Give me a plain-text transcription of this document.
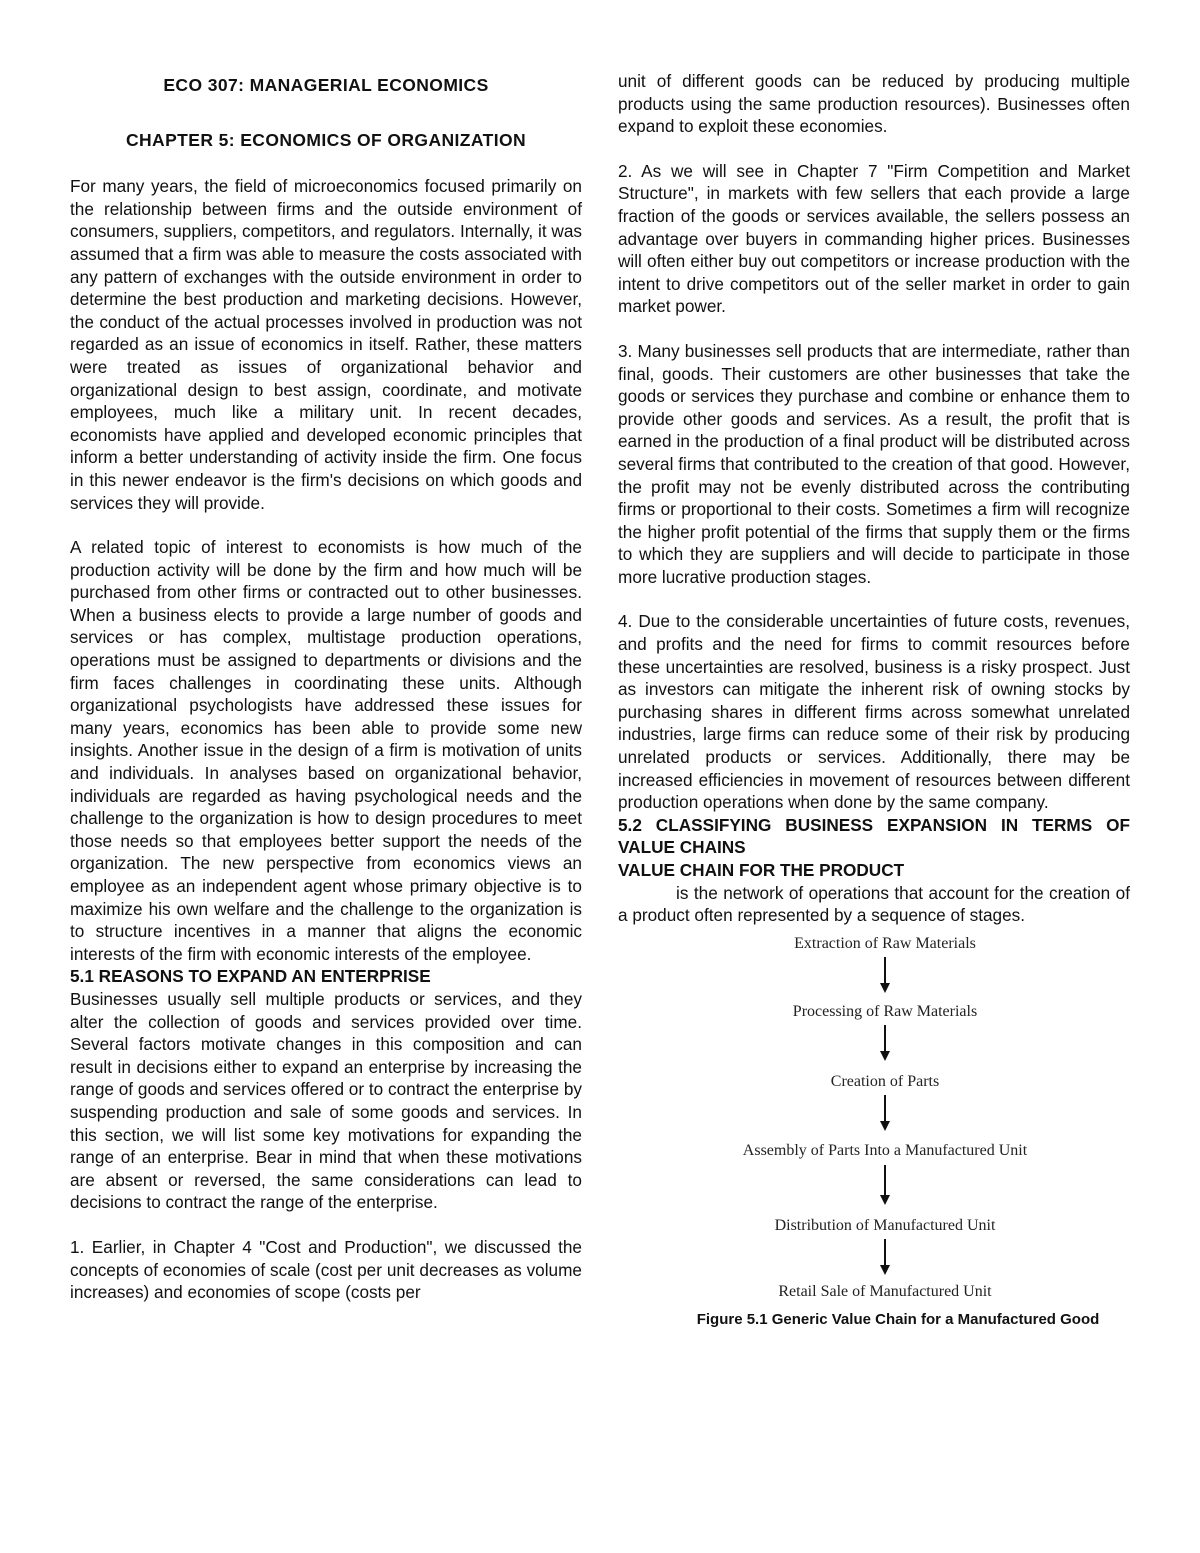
ECO 307: MANAGERIAL ECONOMICS

CHAPTER 5: ECONOMICS OF ORGANIZATION

For many years, the field of microeconomics focused primarily on the relationship between firms and the outside environment of consumers, suppliers, competitors, and regulators. Internally, it was assumed that a firm was able to measure the costs associated with any pattern of exchanges with the outside environment in order to determine the best production and marketing decisions. However, the conduct of the actual processes involved in production was not regarded as an issue of economics in itself. Rather, these matters were treated as issues of organizational behavior and organizational design to best assign, coordinate, and motivate employees, much like a military unit. In recent decades, economists have applied and developed economic principles that inform a better understanding of activity inside the firm. One focus in this newer endeavor is the firm's decisions on which goods and services they will provide.

A related topic of interest to economists is how much of the production activity will be done by the firm and how much will be purchased from other firms or contracted out to other businesses. When a business elects to provide a large number of goods and services or has complex, multistage production operations, operations must be assigned to departments or divisions and the firm faces challenges in coordinating these units. Although organizational psychologists have addressed these issues for many years, economics has been able to provide some new insights. Another issue in the design of a firm is motivation of units and individuals. In analyses based on organizational behavior, individuals are regarded as having psychological needs and the challenge to the organization is how to design procedures to meet those needs so that employees better support the needs of the organization. The new perspective from economics views an employee as an independent agent whose primary objective is to maximize his own welfare and the challenge to the organization is to structure incentives in a manner that aligns the economic interests of the firm with economic interests of the employee.

5.1 REASONS TO EXPAND AN ENTERPRISE

Businesses usually sell multiple products or services, and they alter the collection of goods and services provided over time. Several factors motivate changes in this composition and can result in decisions either to expand an enterprise by increasing the range of goods and services offered or to contract the enterprise by suspending production and sale of some goods and services. In this section, we will list some key motivations for expanding the range of an enterprise. Bear in mind that when these motivations are absent or reversed, the same considerations can lead to decisions to contract the range of the enterprise.

1. Earlier, in Chapter 4 "Cost and Production", we discussed the concepts of economies of scale (cost per unit decreases as volume increases) and economies of scope (costs per

unit of different goods can be reduced by producing multiple products using the same production resources). Businesses often expand to exploit these economies.

2. As we will see in Chapter 7 "Firm Competition and Market Structure", in markets with few sellers that each provide a large fraction of the goods or services available, the sellers possess an advantage over buyers in commanding higher prices. Businesses will often either buy out competitors or increase production with the intent to drive competitors out of the seller market in order to gain market power.

3. Many businesses sell products that are intermediate, rather than final, goods. Their customers are other businesses that take the goods or services they purchase and combine or enhance them to provide other goods and services. As a result, the profit that is earned in the production of a final product will be distributed across several firms that contributed to the creation of that good. However, the profit may not be evenly distributed across the contributing firms or proportional to their costs. Sometimes a firm will recognize the higher profit potential of the firms that supply them or the firms to which they are suppliers and will decide to participate in those more lucrative production stages.

4. Due to the considerable uncertainties of future costs, revenues, and profits and the need for firms to commit resources before these uncertainties are resolved, business is a risky prospect. Just as investors can mitigate the inherent risk of owning stocks by purchasing shares in different firms across somewhat unrelated industries, large firms can reduce some of their risk by producing unrelated products or services. Additionally, there may be increased efficiencies in movement of resources between different production operations when done by the same company.

5.2 CLASSIFYING BUSINESS EXPANSION IN TERMS OF VALUE CHAINS

VALUE CHAIN FOR THE PRODUCT

is the network of operations that account for the creation of a product often represented by a sequence of stages.

Extraction of Raw Materials
Processing of Raw Materials
Creation of Parts
Assembly of Parts Into a Manufactured Unit
Distribution of Manufactured Unit
Retail Sale of Manufactured Unit

Figure 5.1 Generic Value Chain for a Manufactured Good
